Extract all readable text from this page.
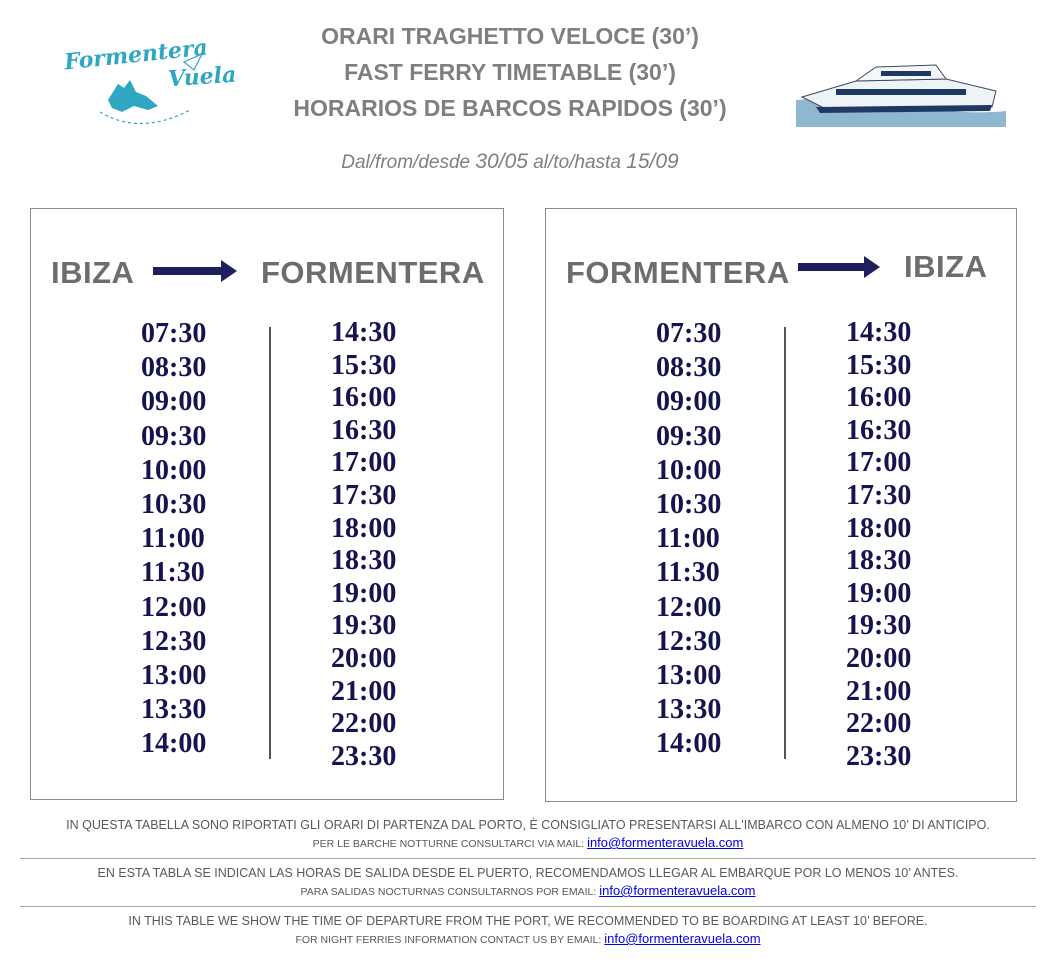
Formentera
Vuela
ORARI TRAGHETTO VELOCE (30’)
FAST FERRY TIMETABLE (30’)
HORARIOS DE BARCOS RAPIDOS (30’)
Dal/from/desde 30/05 al/to/hasta 15/09
IBIZA	FORMENTERA
07:30
08:30
09:00
09:30
10:00
10:30
11:00
11:30
12:00
12:30
13:00
13:30
14:00
14:30
15:30
16:00
16:30
17:00
17:30
18:00
18:30
19:00
19:30
20:00
21:00
22:00
23:30
FORMENTERA	IBIZA
07:30
08:30
09:00
09:30
10:00
10:30
11:00
11:30
12:00
12:30
13:00
13:30
14:00
14:30
15:30
16:00
16:30
17:00
17:30
18:00
18:30
19:00
19:30
20:00
21:00
22:00
23:30
IN QUESTA TABELLA SONO RIPORTATI GLI ORARI DI PARTENZA DAL PORTO, È CONSIGLIATO PRESENTARSI ALL'IMBARCO CON ALMENO 10’ DI ANTICIPO.
PER LE BARCHE NOTTURNE CONSULTARCI VIA MAIL: info@formenteravuela.com
EN ESTA TABLA SE INDICAN LAS HORAS DE SALIDA DESDE EL PUERTO, RECOMENDAMOS LLEGAR AL EMBARQUE POR LO MENOS 10’ ANTES.
PARA SALIDAS NOCTURNAS CONSULTARNOS POR EMAIL: info@formenteravuela.com
IN THIS TABLE WE SHOW THE TIME OF DEPARTURE FROM THE PORT, WE RECOMMENDED TO BE BOARDING AT LEAST 10’ BEFORE.
FOR NIGHT FERRIES INFORMATION CONTACT US BY EMAIL: info@formenteravuela.com
